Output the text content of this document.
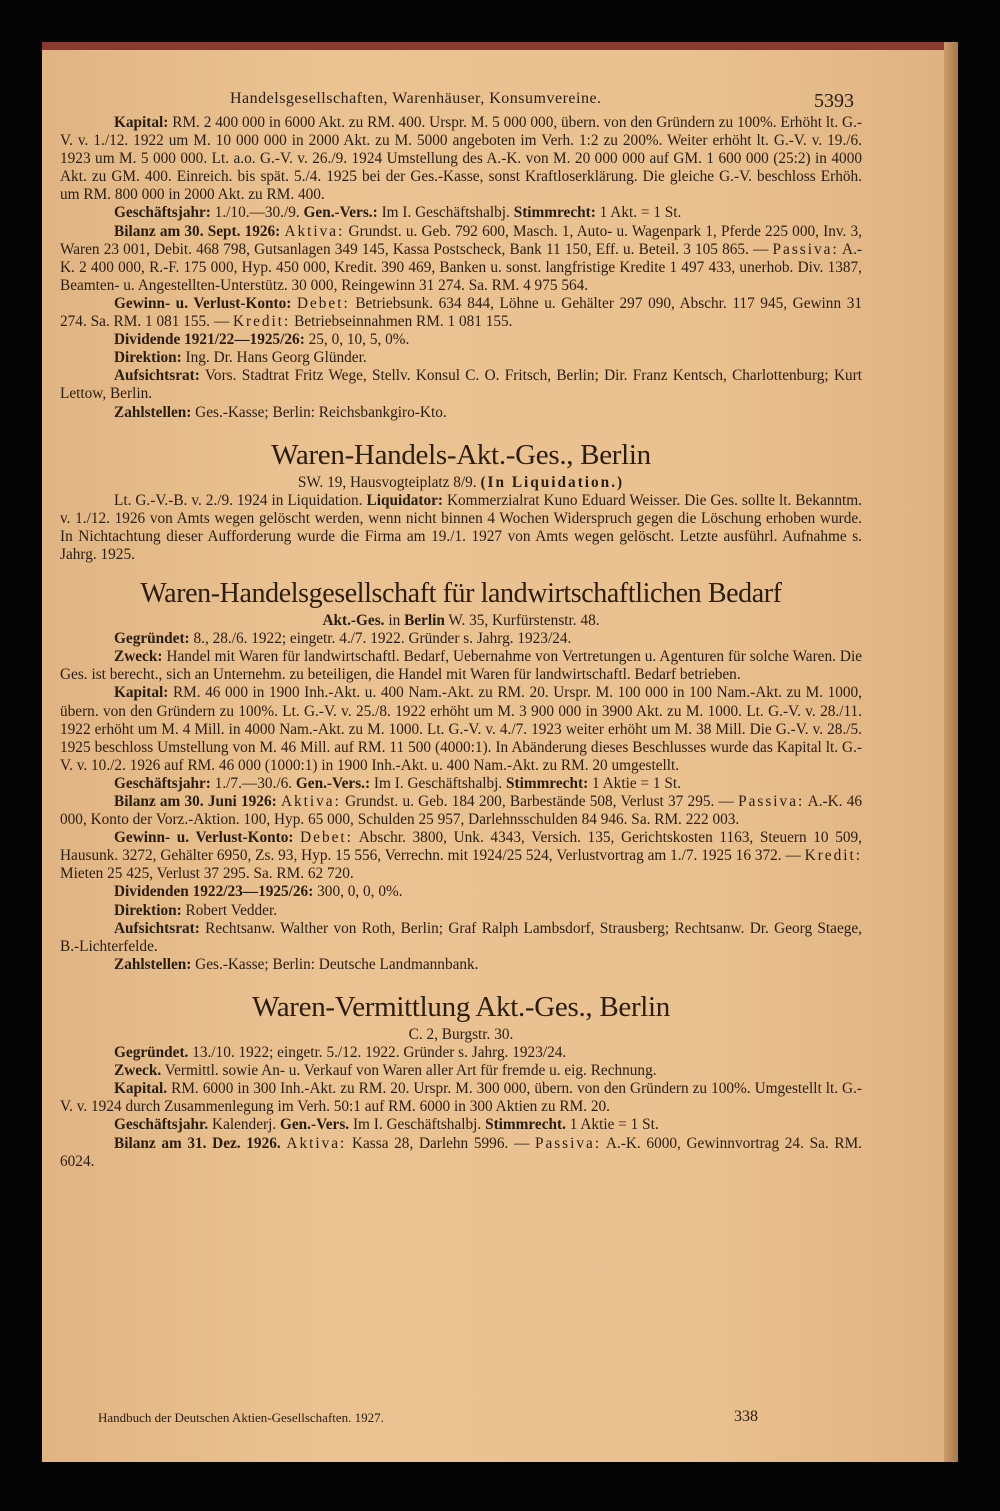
Handelsgesellschaften, Warenhäuser, Konsumvereine.	5393

Kapital: RM. 2 400 000 in 6000 Akt. zu RM. 400. Urspr. M. 5 000 000, übern. von den Gründern zu 100%. Erhöht lt. G.-V. v. 1./12. 1922 um M. 10 000 000 in 2000 Akt. zu M. 5000 angeboten im Verh. 1:2 zu 200%. Weiter erhöht lt. G.-V. v. 19./6. 1923 um M. 5 000 000. Lt. a.o. G.-V. v. 26./9. 1924 Umstellung des A.-K. von M. 20 000 000 auf GM. 1 600 000 (25:2) in 4000 Akt. zu GM. 400. Einreich. bis spät. 5./4. 1925 bei der Ges.-Kasse, sonst Kraftloserklärung. Die gleiche G.-V. beschloss Erhöh. um RM. 800 000 in 2000 Akt. zu RM. 400.

Geschäftsjahr: 1./10.—30./9. Gen.-Vers.: Im I. Geschäftshalbj. Stimmrecht: 1 Akt. = 1 St.

Bilanz am 30. Sept. 1926: Aktiva: Grundst. u. Geb. 792 600, Masch. 1, Auto- u. Wagenpark 1, Pferde 225 000, Inv. 3, Waren 23 001, Debit. 468 798, Gutsanlagen 349 145, Kassa Postscheck, Bank 11 150, Eff. u. Beteil. 3 105 865. — Passiva: A.-K. 2 400 000, R.-F. 175 000, Hyp. 450 000, Kredit. 390 469, Banken u. sonst. langfristige Kredite 1 497 433, unerhob. Div. 1387, Beamten- u. Angestellten-Unterstütz. 30 000, Reingewinn 31 274. Sa. RM. 4 975 564.

Gewinn- u. Verlust-Konto: Debet: Betriebsunk. 634 844, Löhne u. Gehälter 297 090, Abschr. 117 945, Gewinn 31 274. Sa. RM. 1 081 155. — Kredit: Betriebseinnahmen RM. 1 081 155.

Dividende 1921/22—1925/26: 25, 0, 10, 5, 0%.

Direktion: Ing. Dr. Hans Georg Glünder.

Aufsichtsrat: Vors. Stadtrat Fritz Wege, Stellv. Konsul C. O. Fritsch, Berlin; Dir. Franz Kentsch, Charlottenburg; Kurt Lettow, Berlin.

Zahlstellen: Ges.-Kasse; Berlin: Reichsbankgiro-Kto.

Waren-Handels-Akt.-Ges., Berlin

SW. 19, Hausvogteiplatz 8/9. (In Liquidation.)

Lt. G.-V.-B. v. 2./9. 1924 in Liquidation. Liquidator: Kommerzialrat Kuno Eduard Weisser. Die Ges. sollte lt. Bekanntm. v. 1./12. 1926 von Amts wegen gelöscht werden, wenn nicht binnen 4 Wochen Widerspruch gegen die Löschung erhoben wurde. In Nichtachtung dieser Aufforderung wurde die Firma am 19./1. 1927 von Amts wegen gelöscht. Letzte ausführl. Aufnahme s. Jahrg. 1925.

Waren-Handelsgesellschaft für landwirtschaftlichen Bedarf

Akt.-Ges. in Berlin W. 35, Kurfürstenstr. 48.

Gegründet: 8., 28./6. 1922; eingetr. 4./7. 1922. Gründer s. Jahrg. 1923/24.

Zweck: Handel mit Waren für landwirtschaftl. Bedarf, Uebernahme von Vertretungen u. Agenturen für solche Waren. Die Ges. ist berecht., sich an Unternehm. zu beteiligen, die Handel mit Waren für landwirtschaftl. Bedarf betrieben.

Kapital: RM. 46 000 in 1900 Inh.-Akt. u. 400 Nam.-Akt. zu RM. 20. Urspr. M. 100 000 in 100 Nam.-Akt. zu M. 1000, übern. von den Gründern zu 100%. Lt. G.-V. v. 25./8. 1922 erhöht um M. 3 900 000 in 3900 Akt. zu M. 1000. Lt. G.-V. v. 28./11. 1922 erhöht um M. 4 Mill. in 4000 Nam.-Akt. zu M. 1000. Lt. G.-V. v. 4./7. 1923 weiter erhöht um M. 38 Mill. Die G.-V. v. 28./5. 1925 beschloss Umstellung von M. 46 Mill. auf RM. 11 500 (4000:1). In Abänderung dieses Beschlusses wurde das Kapital lt. G.-V. v. 10./2. 1926 auf RM. 46 000 (1000:1) in 1900 Inh.-Akt. u. 400 Nam.-Akt. zu RM. 20 umgestellt.

Geschäftsjahr: 1./7.—30./6. Gen.-Vers.: Im I. Geschäftshalbj. Stimmrecht: 1 Aktie = 1 St.

Bilanz am 30. Juni 1926: Aktiva: Grundst. u. Geb. 184 200, Barbestände 508, Verlust 37 295. — Passiva: A.-K. 46 000, Konto der Vorz.-Aktion. 100, Hyp. 65 000, Schulden 25 957, Darlehnsschulden 84 946. Sa. RM. 222 003.

Gewinn- u. Verlust-Konto: Debet: Abschr. 3800, Unk. 4343, Versich. 135, Gerichtskosten 1163, Steuern 10 509, Hausunk. 3272, Gehälter 6950, Zs. 93, Hyp. 15 556, Verrechn. mit 1924/25 524, Verlustvortrag am 1./7. 1925 16 372. — Kredit: Mieten 25 425, Verlust 37 295. Sa. RM. 62 720.

Dividenden 1922/23—1925/26: 300, 0, 0, 0%.

Direktion: Robert Vedder.

Aufsichtsrat: Rechtsanw. Walther von Roth, Berlin; Graf Ralph Lambsdorf, Strausberg; Rechtsanw. Dr. Georg Staege, B.-Lichterfelde.

Zahlstellen: Ges.-Kasse; Berlin: Deutsche Landmannbank.

Waren-Vermittlung Akt.-Ges., Berlin

C. 2, Burgstr. 30.

Gegründet. 13./10. 1922; eingetr. 5./12. 1922. Gründer s. Jahrg. 1923/24.

Zweck. Vermittl. sowie An- u. Verkauf von Waren aller Art für fremde u. eig. Rechnung.

Kapital. RM. 6000 in 300 Inh.-Akt. zu RM. 20. Urspr. M. 300 000, übern. von den Gründern zu 100%. Umgestellt lt. G.-V. v. 1924 durch Zusammenlegung im Verh. 50:1 auf RM. 6000 in 300 Aktien zu RM. 20.

Geschäftsjahr. Kalenderj. Gen.-Vers. Im I. Geschäftshalbj. Stimmrecht. 1 Aktie = 1 St.

Bilanz am 31. Dez. 1926. Aktiva: Kassa 28, Darlehn 5996. — Passiva: A.-K. 6000, Gewinnvortrag 24. Sa. RM. 6024.

Handbuch der Deutschen Aktien-Gesellschaften. 1927.	338
